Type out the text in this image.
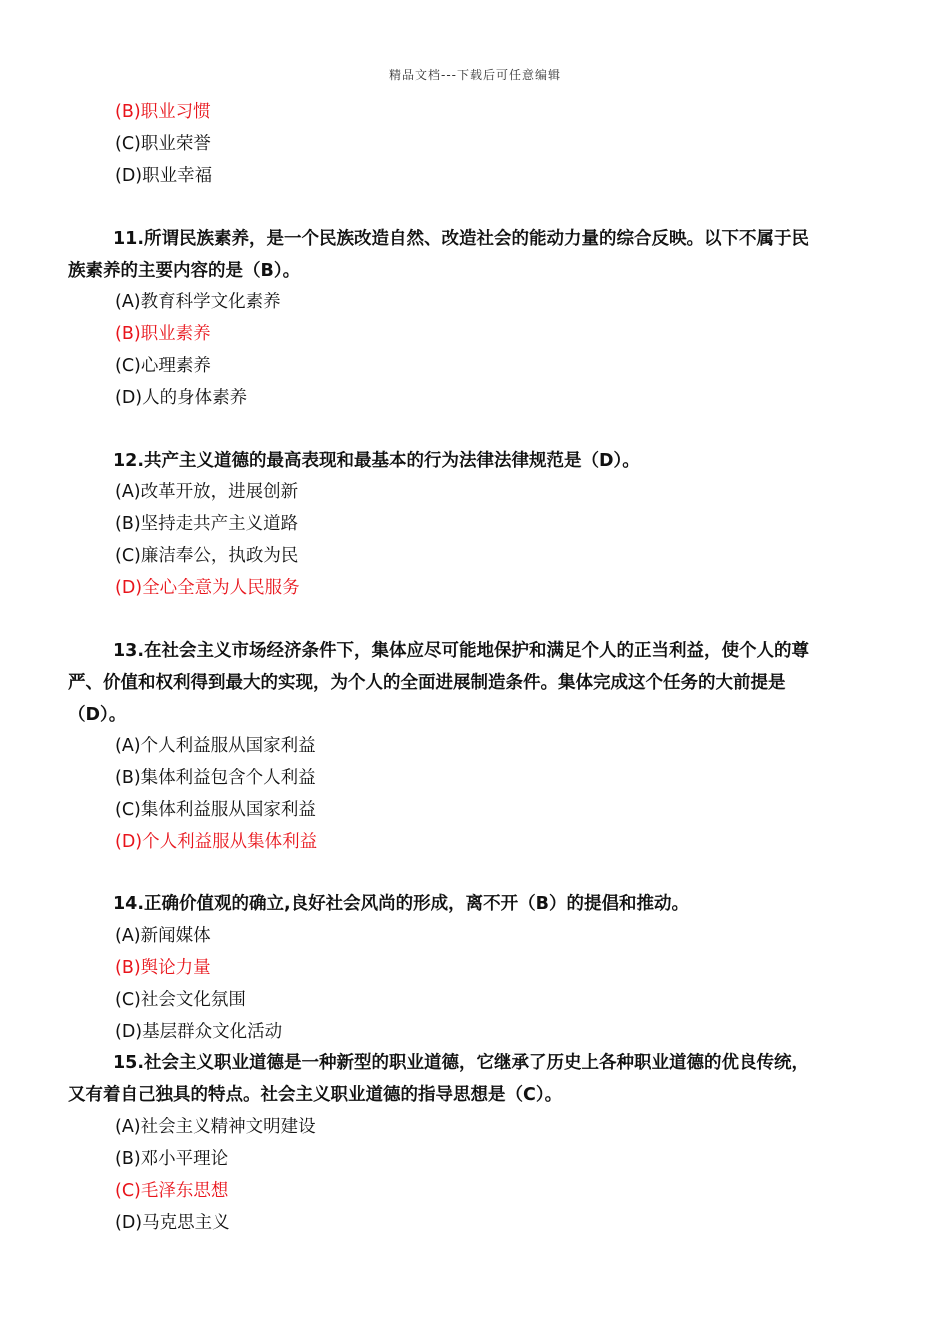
精品文档---下载后可任意编辑
(B)职业习惯
(C)职业荣誉
(D)职业幸福
11.所谓民族素养，是一个民族改造自然、改造社会的能动力量的综合反映。以下不属于民
族素养的主要内容的是（B）。
(A)教育科学文化素养
(B)职业素养
(C)心理素养
(D)人的身体素养
12.共产主义道德的最高表现和最基本的行为法律法律规范是（D）。
(A)改革开放，进展创新
(B)坚持走共产主义道路
(C)廉洁奉公，执政为民
(D)全心全意为人民服务
13.在社会主义市场经济条件下，集体应尽可能地保护和满足个人的正当利益，使个人的尊
严、价值和权利得到最大的实现，为个人的全面进展制造条件。集体完成这个任务的大前提是
（D）。
(A)个人利益服从国家利益
(B)集体利益包含个人利益
(C)集体利益服从国家利益
(D)个人利益服从集体利益
14.正确价值观的确立,良好社会风尚的形成，离不开（B）的提倡和推动。
(A)新闻媒体
(B)舆论力量
(C)社会文化氛围
(D)基层群众文化活动
15.社会主义职业道德是一种新型的职业道德，它继承了历史上各种职业道德的优良传统，
又有着自己独具的特点。社会主义职业道德的指导思想是（C）。
(A)社会主义精神文明建设
(B)邓小平理论
(C)毛泽东思想
(D)马克思主义
